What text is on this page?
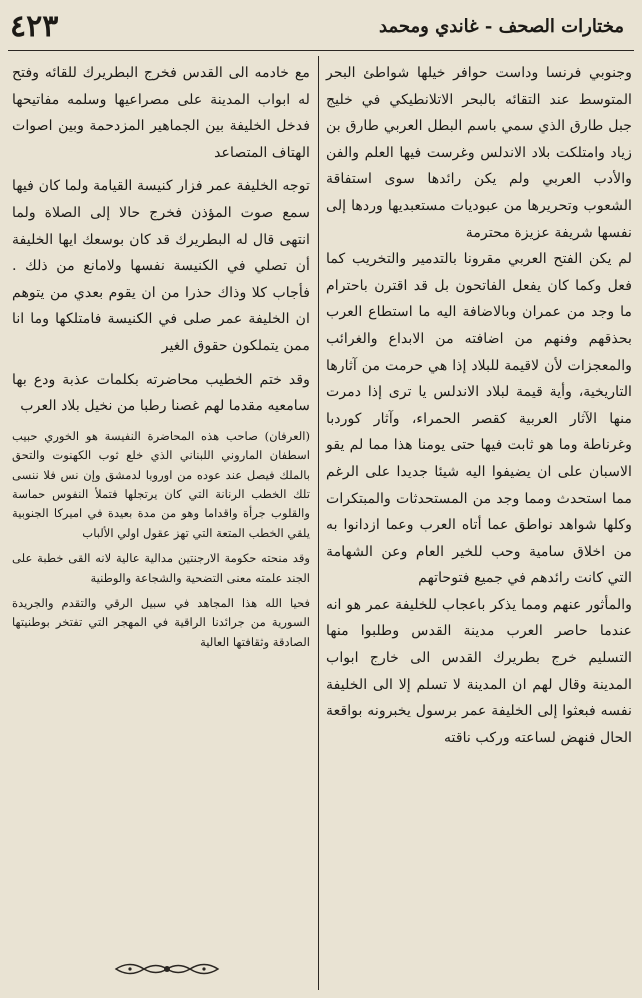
٤٢٣	مختارات الصحف - غاندي ومحمد

وجنوبي فرنسا وداست حوافر خيلها شواطئ البحر المتوسط عند التقائه بالبحر الاتلانطيكي في خليج جبل طارق الذي سمي باسم البطل العربي طارق بن زياد وامتلكت بلاد الاندلس وغرست فيها العلم والفن والأدب العربي ولم يكن رائدها سوى استفاقة الشعوب وتحريرها من عبوديات مستعبديها وردها إلى نفسها شريفة عزيزة محترمة

لم يكن الفتح العربي مقرونا بالتدمير والتخريب كما فعل وكما كان يفعل الفاتحون بل قد اقترن باحترام ما وجد من عمران وبالاضافة اليه ما استطاع العرب بحذقهم وفنهم من اضافته من الابداع والغرائب والمعجزات لأن لاقيمة للبلاد إذا هي حرمت من آثارها التاريخية، وأية قيمة لبلاد الاندلس يا ترى إذا دمرت منها الآثار العربية كقصر الحمراء، وآثار كوردبا وغرناطة وما هو ثابت فيها حتى يومنا هذا مما لم يقو الاسبان على ان يضيفوا اليه شيئا جديدا على الرغم مما استحدث ومما وجد من المستحدثات والمبتكرات وكلها شواهد نواطق عما أتاه العرب وعما ازدانوا به من اخلاق سامية وحب للخير العام وعن الشهامة التي كانت رائدهم في جميع فتوحاتهم

والمأثور عنهم ومما يذكر باعجاب للخليفة عمر هو انه عندما حاصر العرب مدينة القدس وطلبوا منها التسليم خرج بطريرك القدس الى خارج ابواب المدينة وقال لهم ان المدينة لا تسلم إلا الى الخليفة نفسه فبعثوا إلى الخليفة عمر برسول يخبرونه بواقعة الحال فنهض لساعته وركب ناقته

مع خادمه الى القدس فخرج البطريرك للقائه وفتح له ابواب المدينة على مصراعيها وسلمه مفاتيحها فدخل الخليفة بين الجماهير المزدحمة وبين اصوات الهتاف المتصاعد

توجه الخليفة عمر فزار كنيسة القيامة ولما كان فيها سمع صوت المؤذن فخرج حالا إلى الصلاة ولما انتهى قال له البطريرك قد كان بوسعك ايها الخليفة أن تصلي في الكنيسة نفسها ولامانع من ذلك . فأجاب كلا وذاك حذرا من ان يقوم بعدي من يتوهم ان الخليفة عمر صلى في الكنيسة فامتلكها وما انا ممن يتملكون حقوق الغير

وقد ختم الخطيب محاضرته بكلمات عذبة ودع بها سامعيه مقدما لهم غصنا رطبا من نخيل بلاد العرب

(العرفان) صاحب هذه المحاضرة النفيسة هو الخوري حبيب اسطفان الماروني اللبناني الذي خلع ثوب الكهنوت والتحق بالملك فيصل عند عوده من اوروبا لدمشق وإن نس فلا ننسى تلك الخطب الرنانة التي كان يرتجلها فتملأ النفوس حماسة والقلوب جرأة واقداما وهو من مدة بعيدة في اميركا الجنوبية يلقي الخطب المتعة التي تهز عقول اولي الألباب

وقد منحته حكومة الارجنتين مدالية عالية لانه القى خطبة على الجند علمته معنى التضحية والشجاعة والوطنية

فحيا الله هذا المجاهد في سبيل الرقي والتقدم والجريدة السورية من جرائدنا الراقية في المهجر التي تفتخر بوطنيتها الصادقة وثقافتها العالية
